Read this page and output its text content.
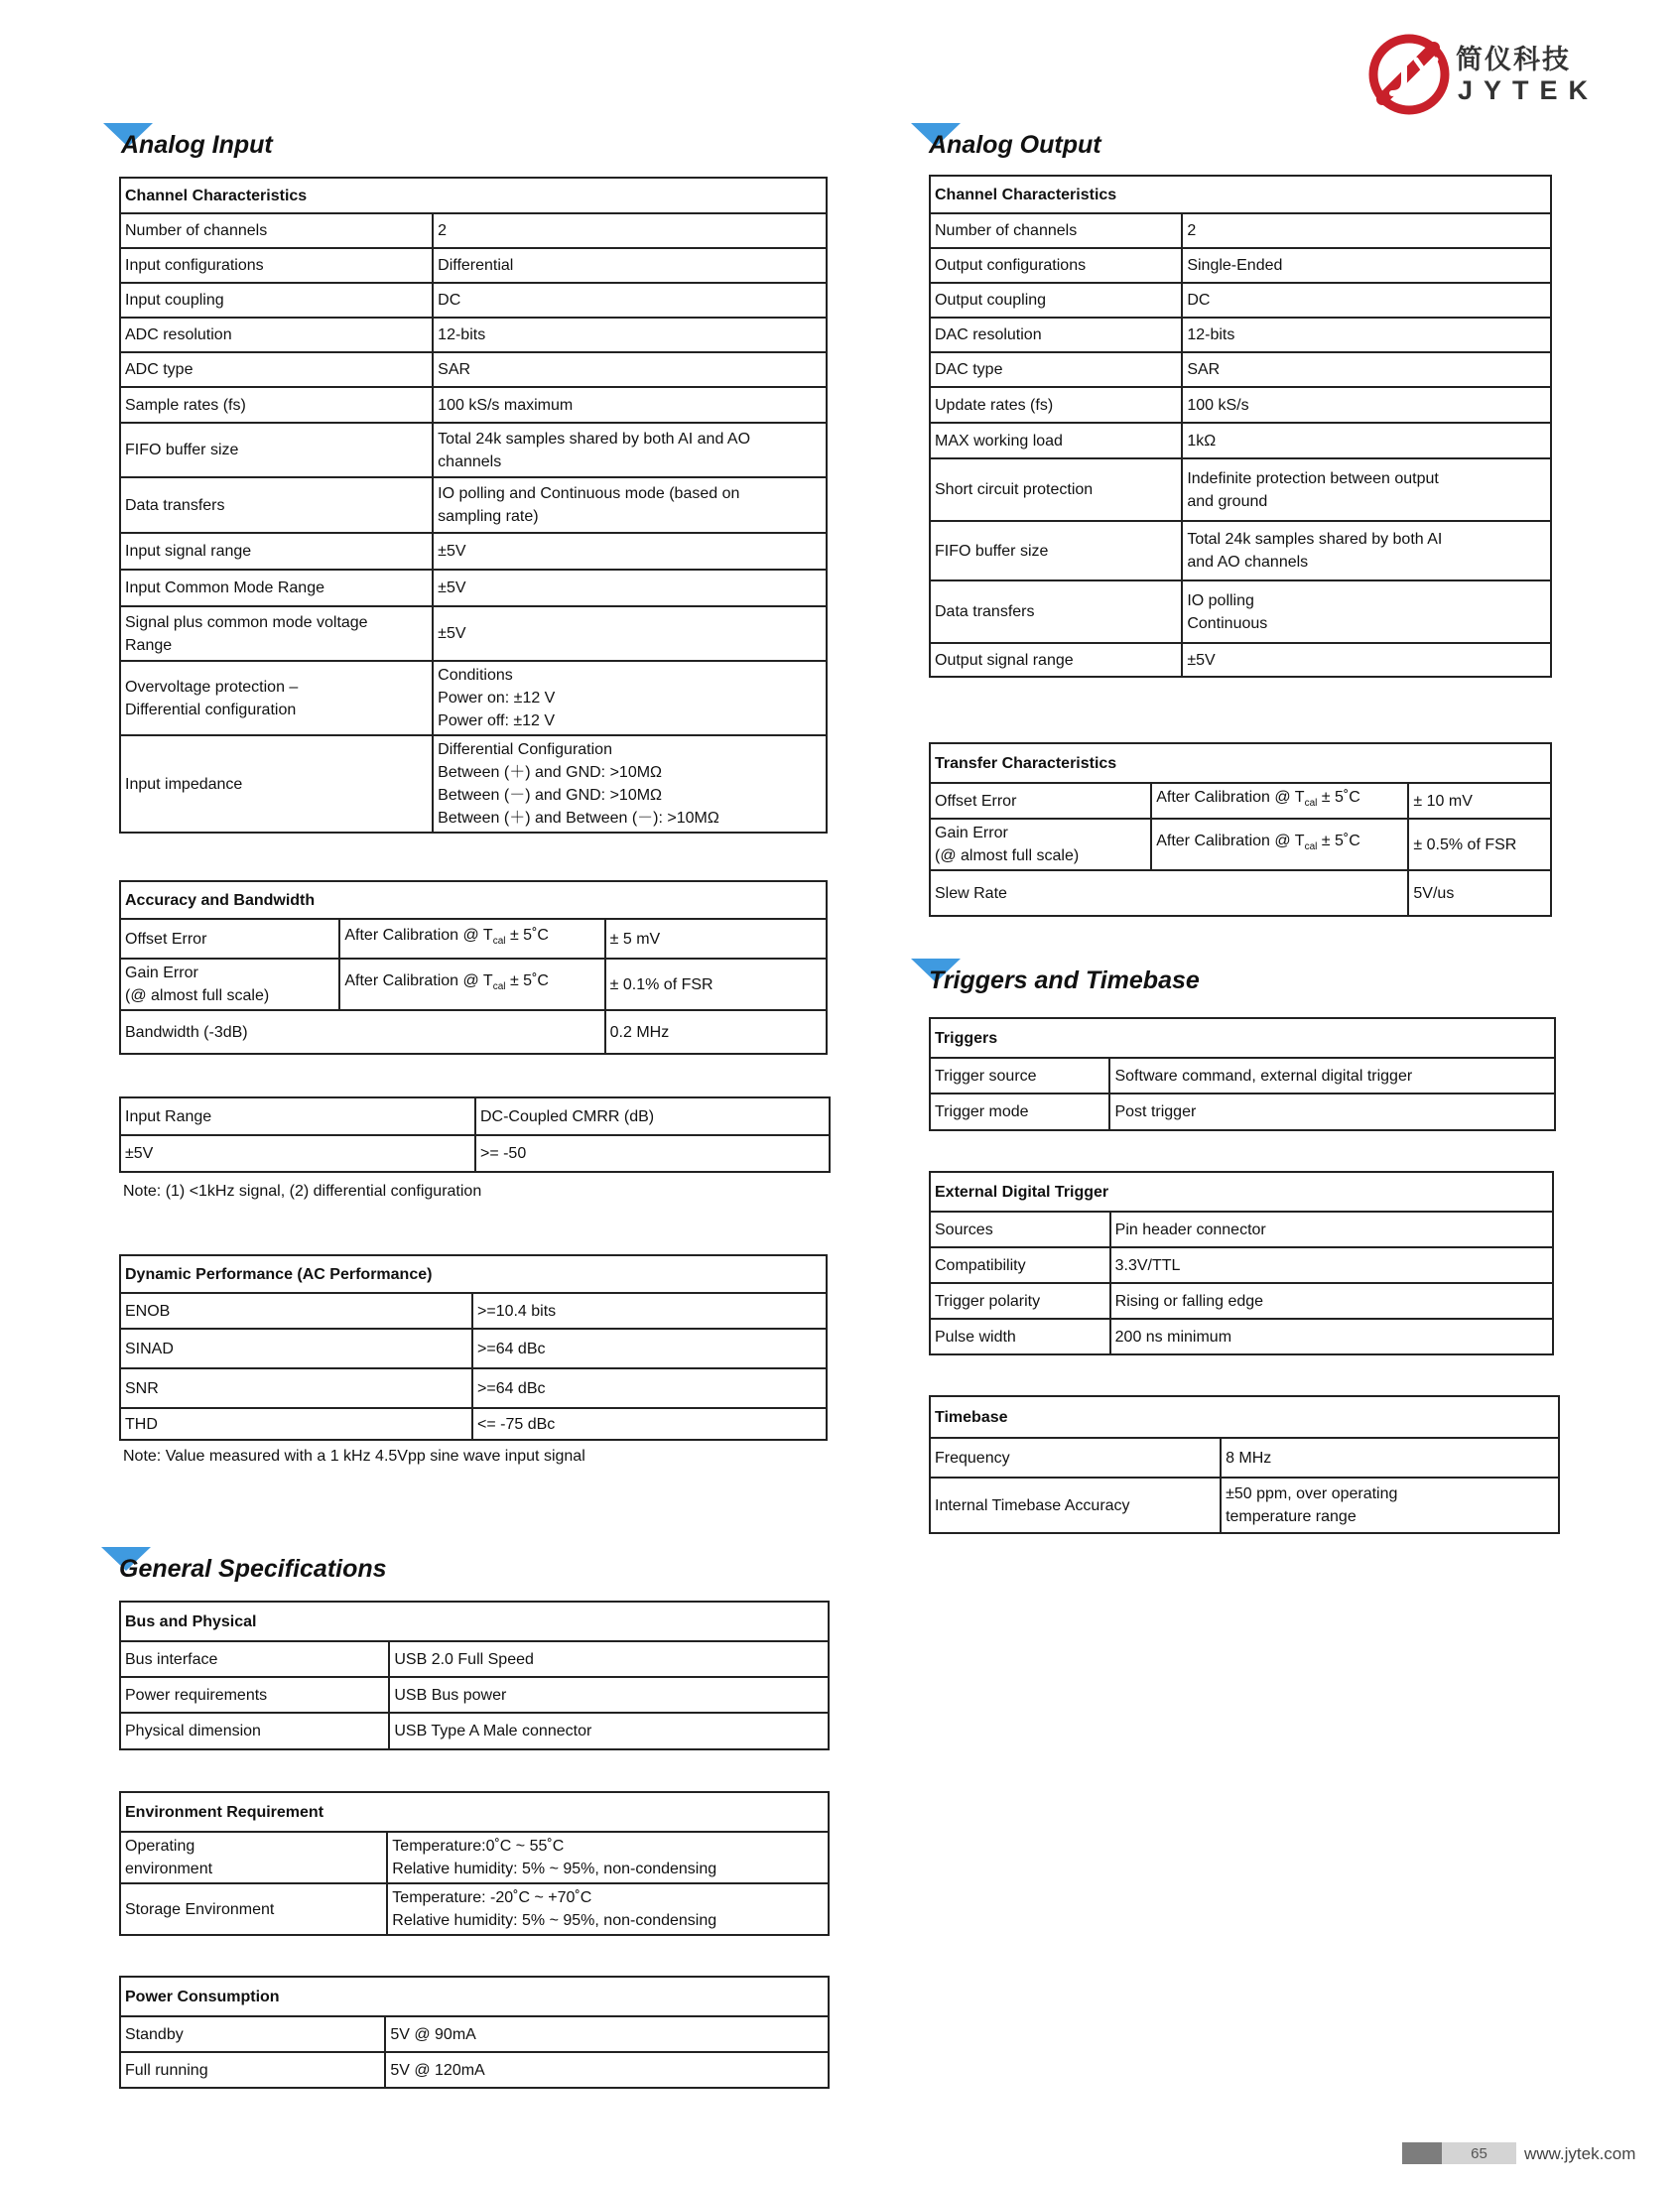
简仪科技
JYTEK
Analog Input	Analog Output
Triggers and Timebase
General Specifications
Channel Characteristics	
Number of channels	2
Input configurations	Differential
Input coupling	DC
ADC resolution	12-bits
ADC type	SAR
Sample rates (fs)	100 kS/s maximum
FIFO buffer size	Total 24k samples shared by both AI and AO
channels
Data transfers	IO polling and Continuous mode (based on
sampling rate)
Input signal range	±5V
Input Common Mode Range	±5V
Signal plus common mode voltage
Range	±5V
Overvoltage protection –
Differential configuration	Conditions
Power on: ±12 V
Power off: ±12 V
Input impedance	Differential Configuration
Between (＋) and GND: >10MΩ
Between (－) and GND: >10MΩ
Between (＋) and Between (－): >10MΩ
Accuracy and Bandwidth		
Offset Error	After Calibration @ $T_{cal}$ ± 5˚C	± 5 mV
Gain Error
(@ almost full scale)	After Calibration @ $T_{cal}$ ± 5˚C	± 0.1% of FSR
Bandwidth (-3dB)		0.2 MHz
Input Range	DC-Coupled CMRR (dB)
±5V	>= -50
Note: (1) <1kHz signal, (2) differential configuration
Dynamic Performance (AC Performance)	
ENOB	>=10.4 bits
SINAD	>=64 dBc
SNR	>=64 dBc
THD	<= -75 dBc
Note: Value measured with a 1 kHz 4.5Vpp sine wave input signal
Channel Characteristics	
Number of channels	2
Output configurations	Single-Ended
Output coupling	DC
DAC resolution	12-bits
DAC type	SAR
Update rates (fs)	100 kS/s
MAX working load	1kΩ
Short circuit protection	Indefinite protection between output
and ground
FIFO buffer size	Total 24k samples shared by both AI
and AO channels
Data transfers	IO polling
Continuous
Output signal range	±5V
Transfer Characteristics		
Offset Error	After Calibration @ $T_{cal}$ ± 5˚C	± 10 mV
Gain Error
(@ almost full scale)	After Calibration @ $T_{cal}$ ± 5˚C	± 0.5% of FSR
Slew Rate		5V/us
Triggers	
Trigger source	Software command, external digital trigger
Trigger mode	Post trigger
External Digital Trigger	
Sources	Pin header connector
Compatibility	3.3V/TTL
Trigger polarity	Rising or falling edge
Pulse width	200 ns minimum
Timebase	
Frequency	8 MHz
Internal Timebase Accuracy	±50 ppm, over operating
temperature range
Bus and Physical	
Bus interface	USB 2.0 Full Speed
Power requirements	USB Bus power
Physical dimension	USB Type A Male connector
Environment Requirement	
Operating
environment	Temperature:0˚C ~ 55˚C
Relative humidity: 5% ~ 95%, non-condensing
Storage Environment	Temperature: -20˚C ~ +70˚C
Relative humidity: 5% ~ 95%, non-condensing
Power Consumption	
Standby	5V @ 90mA
Full running	5V @ 120mA
65	www.jytek.com
